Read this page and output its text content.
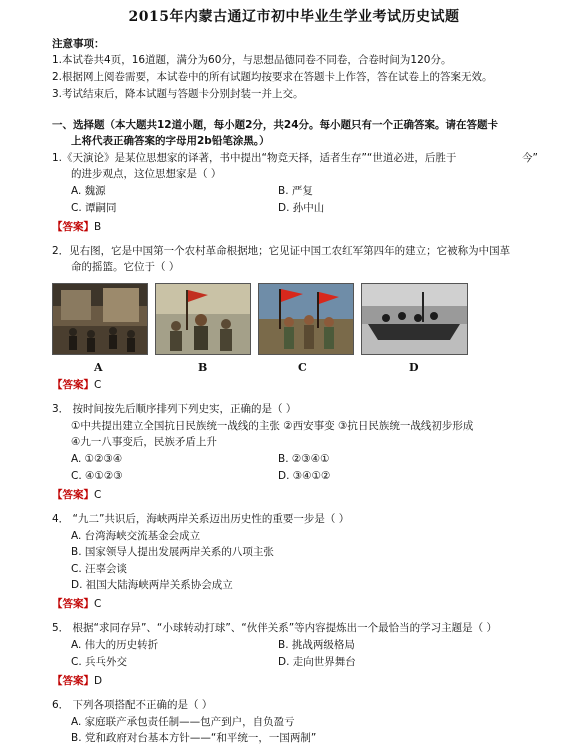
2015年内蒙古通辽市初中毕业生学业考试历史试题
注意事项：
1.本试卷共4页，16道题，满分为60分，与思想品德同卷不同卷，合卷时间为120分。
2.根据网上阅卷需要，本试卷中的所有试题均按要求在答题卡上作答，答在试卷上的答案无效。
3.考试结束后，降本试题与答题卡分别封装一并上交。
一、选择题（本大题共12道小题，每小题2分，共24分。每小题只有一个正确答案。请在答题卡
上将代表正确答案的字母用2b铅笔涂黑。）
1.《天演论》是某位思想家的译著，书中提出“物竞天择，适者生存”“世道必进，后胜于	今”
的进步观点，这位思想家是（ ）
A. 魏源	B. 严复
C. 谭嗣同	D. 孙中山
【答案】B
2．见右图，它是中国第一个农村革命根据地；它见证中国工农红军第四年的建立；它被称为中国革
命的摇篮。它位于（ ）
A	B	C	D
【答案】C
3． 按时间按先后顺序排列下列史实，正确的是（ ）
①中共提出建立全国抗日民族统一战线的主张 ②西安事变 ③抗日民族统一战线初步形成
④九一八事变后，民族矛盾上升
A. ①②③④	B. ②③④①
C. ④①②③	D. ③④①②
【答案】C
4． “九二”共识后，海峡两岸关系迈出历史性的重要一步是（ ）
A. 台湾海峡交流基金会成立
B. 国家领导人提出发展两岸关系的八项主张
C. 汪辜会谈
D. 祖国大陆海峡两岸关系协会成立
【答案】C
5． 根据“求同存异”、“小球转动打球”、“伙伴关系”等内容提炼出一个最恰当的学习主题是（ ）
A. 伟大的历史转折	B. 挑战两级格局
C. 兵乓外交	D. 走向世界舞台
【答案】D
6． 下列各项搭配不正确的是（ ）
A. 家庭联产承包责任制——包产到户，自负盈亏
B. 党和政府对台基本方针——“和平统一，一国两制”
